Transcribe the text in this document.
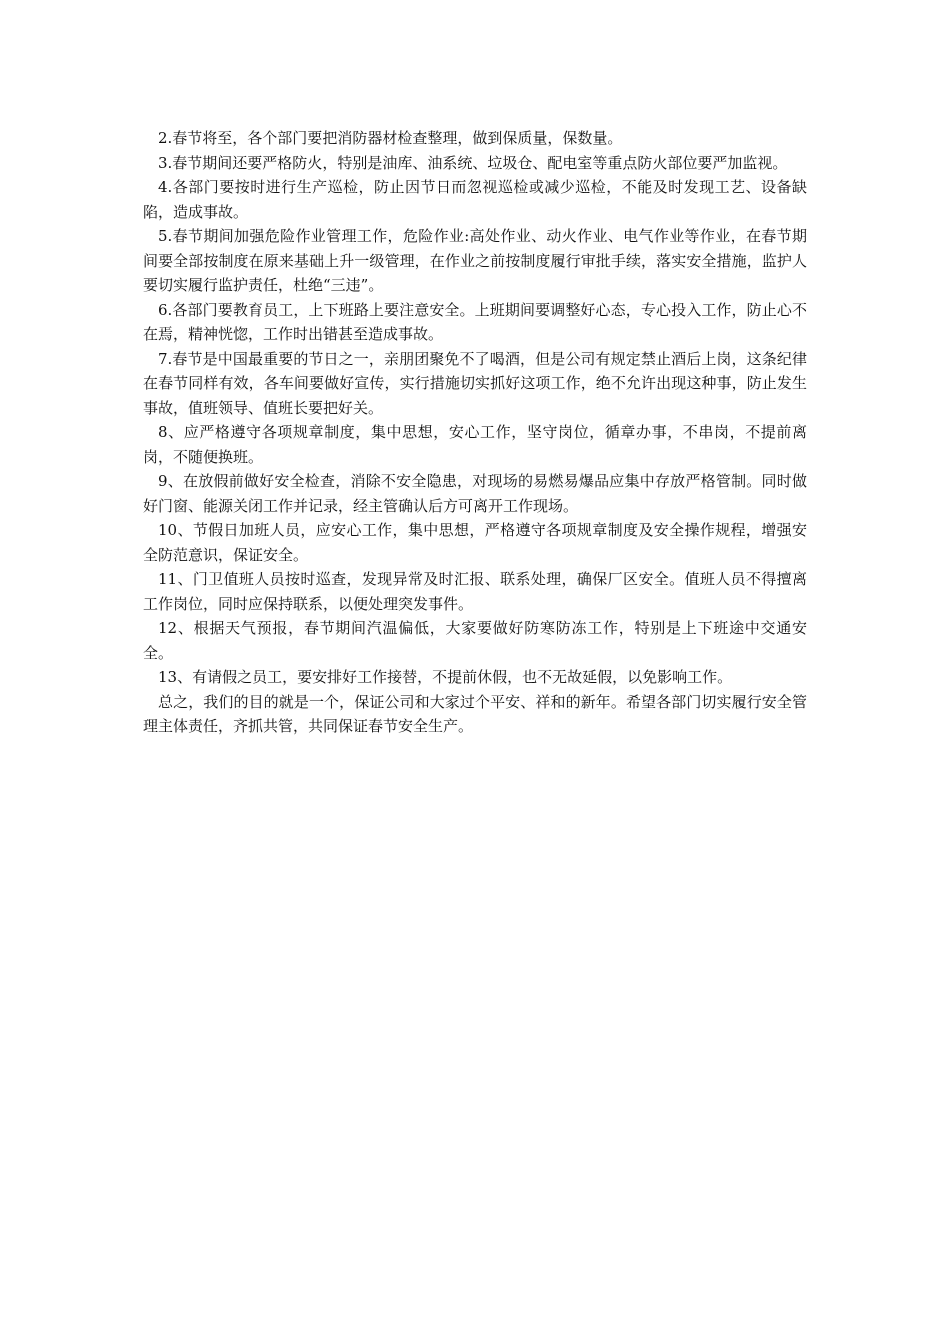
2.春节将至，各个部门要把消防器材检查整理，做到保质量，保数量。

3.春节期间还要严格防火，特别是油库、油系统、垃圾仓、配电室等重点防火部位要严加监视。

4.各部门要按时进行生产巡检，防止因节日而忽视巡检或减少巡检，不能及时发现工艺、设备缺陷，造成事故。

5.春节期间加强危险作业管理工作，危险作业:高处作业、动火作业、电气作业等作业，在春节期间要全部按制度在原来基础上升一级管理，在作业之前按制度履行审批手续，落实安全措施，监护人要切实履行监护责任，杜绝“三违”。

6.各部门要教育员工，上下班路上要注意安全。上班期间要调整好心态，专心投入工作，防止心不在焉，精神恍惚，工作时出错甚至造成事故。

7.春节是中国最重要的节日之一，亲朋团聚免不了喝酒，但是公司有规定禁止酒后上岗，这条纪律在春节同样有效，各车间要做好宣传，实行措施切实抓好这项工作，绝不允许出现这种事，防止发生事故，值班领导、值班长要把好关。

8、应严格遵守各项规章制度，集中思想，安心工作，坚守岗位，循章办事，不串岗，不提前离岗，不随便换班。

9、在放假前做好安全检查，消除不安全隐患，对现场的易燃易爆品应集中存放严格管制。同时做好门窗、能源关闭工作并记录，经主管确认后方可离开工作现场。

10、节假日加班人员，应安心工作，集中思想，严格遵守各项规章制度及安全操作规程，增强安全防范意识，保证安全。

11、门卫值班人员按时巡查，发现异常及时汇报、联系处理，确保厂区安全。值班人员不得擅离工作岗位，同时应保持联系，以便处理突发事件。

12、根据天气预报，春节期间汽温偏低，大家要做好防寒防冻工作，特别是上下班途中交通安全。

13、有请假之员工，要安排好工作接替，不提前休假，也不无故延假，以免影响工作。

总之，我们的目的就是一个，保证公司和大家过个平安、祥和的新年。希望各部门切实履行安全管理主体责任，齐抓共管，共同保证春节安全生产。
